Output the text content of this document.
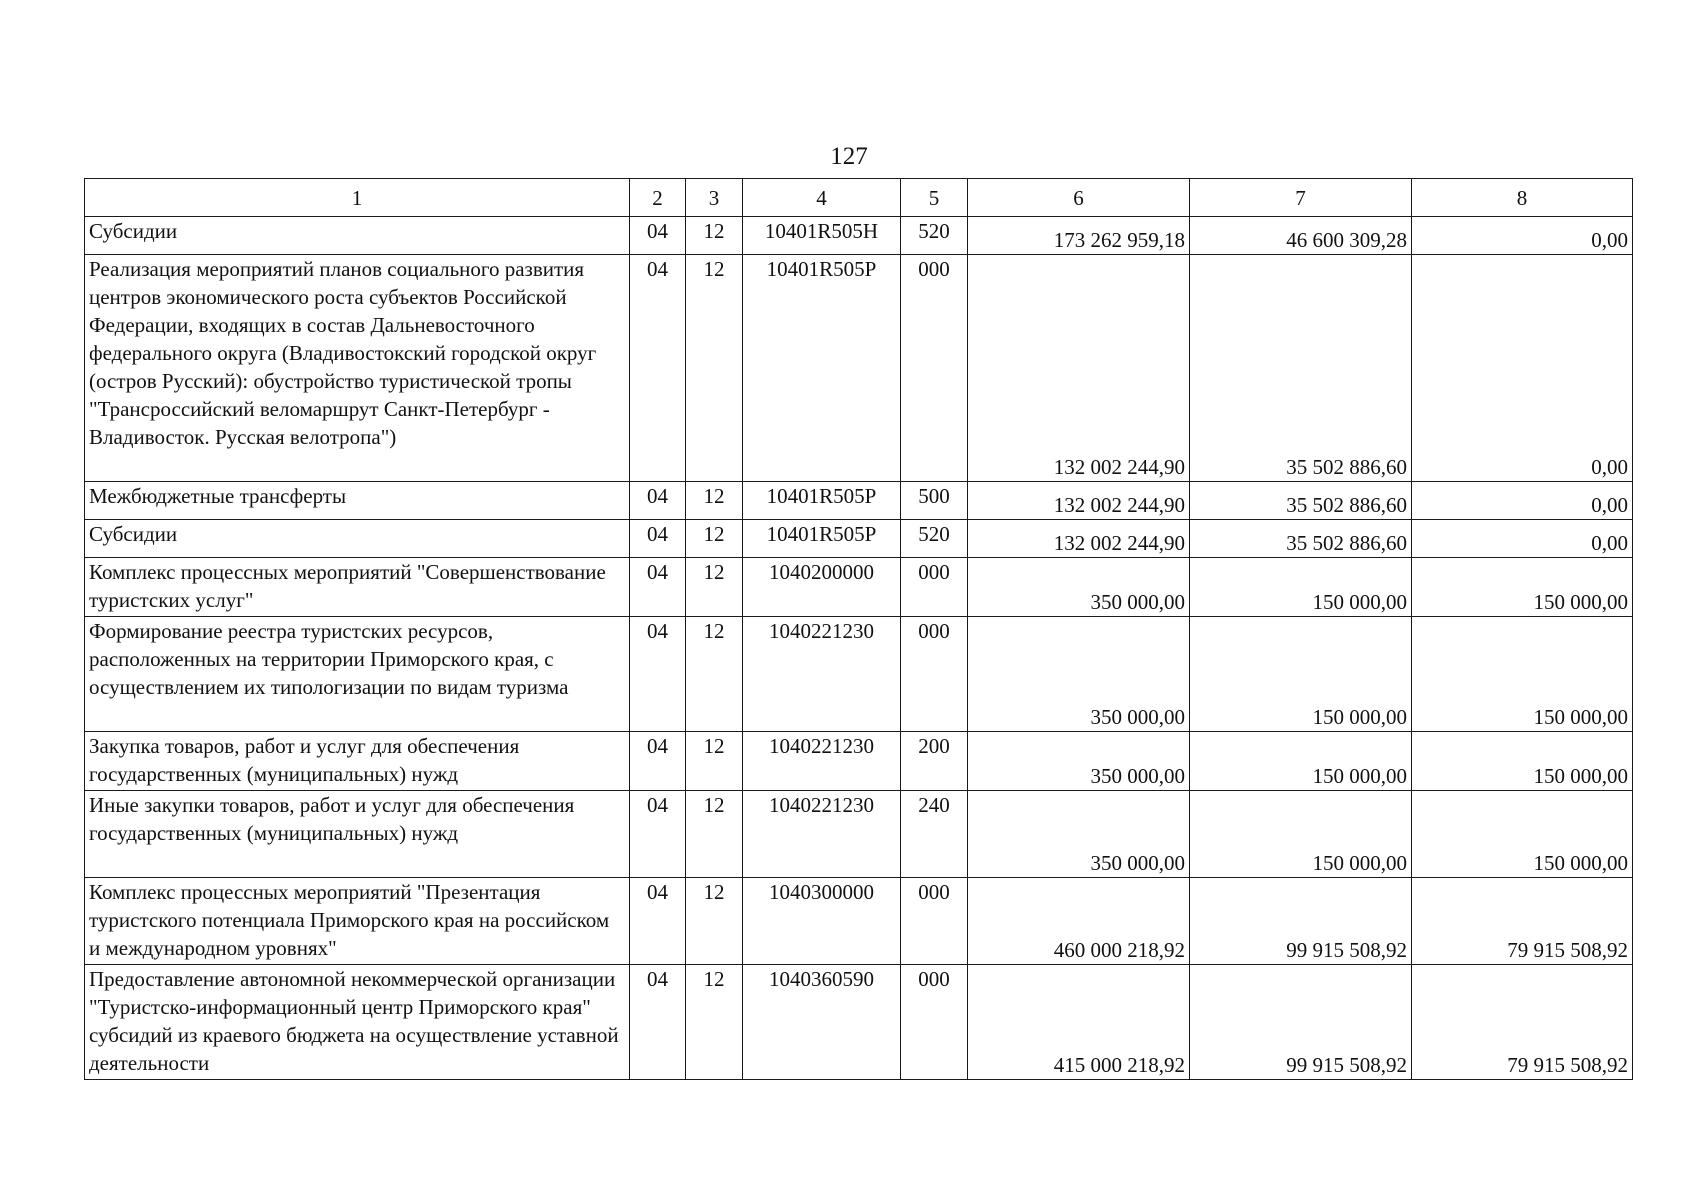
127
1	2	3	4	5	6	7	8
Субсидии	04	12	10401R505H	520	173 262 959,18	46 600 309,28	0,00
Реализация мероприятий планов социального развития центров экономического роста субъектов Российской Федерации, входящих в состав Дальневосточного федерального округа (Владивостокский городской округ (остров Русский): обустройство туристической тропы "Трансроссийский веломаршрут Санкт-Петербург - Владивосток. Русская велотропа")	04	12	10401R505P	000	132 002 244,90	35 502 886,60	0,00
Межбюджетные трансферты	04	12	10401R505P	500	132 002 244,90	35 502 886,60	0,00
Субсидии	04	12	10401R505P	520	132 002 244,90	35 502 886,60	0,00
Комплекс процессных мероприятий "Совершенствование туристских услуг"	04	12	1040200000	000	350 000,00	150 000,00	150 000,00
Формирование реестра туристских ресурсов, расположенных на территории Приморского края, с осуществлением их типологизации по видам туризма	04	12	1040221230	000	350 000,00	150 000,00	150 000,00
Закупка товаров, работ и услуг для обеспечения государственных (муниципальных) нужд	04	12	1040221230	200	350 000,00	150 000,00	150 000,00
Иные закупки товаров, работ и услуг для обеспечения государственных (муниципальных) нужд	04	12	1040221230	240	350 000,00	150 000,00	150 000,00
Комплекс процессных мероприятий "Презентация туристского потенциала Приморского края на российском и международном уровнях"	04	12	1040300000	000	460 000 218,92	99 915 508,92	79 915 508,92
Предоставление автономной некоммерческой организации "Туристско-информационный центр Приморского края" субсидий из краевого бюджета на осуществление уставной деятельности	04	12	1040360590	000	415 000 218,92	99 915 508,92	79 915 508,92
